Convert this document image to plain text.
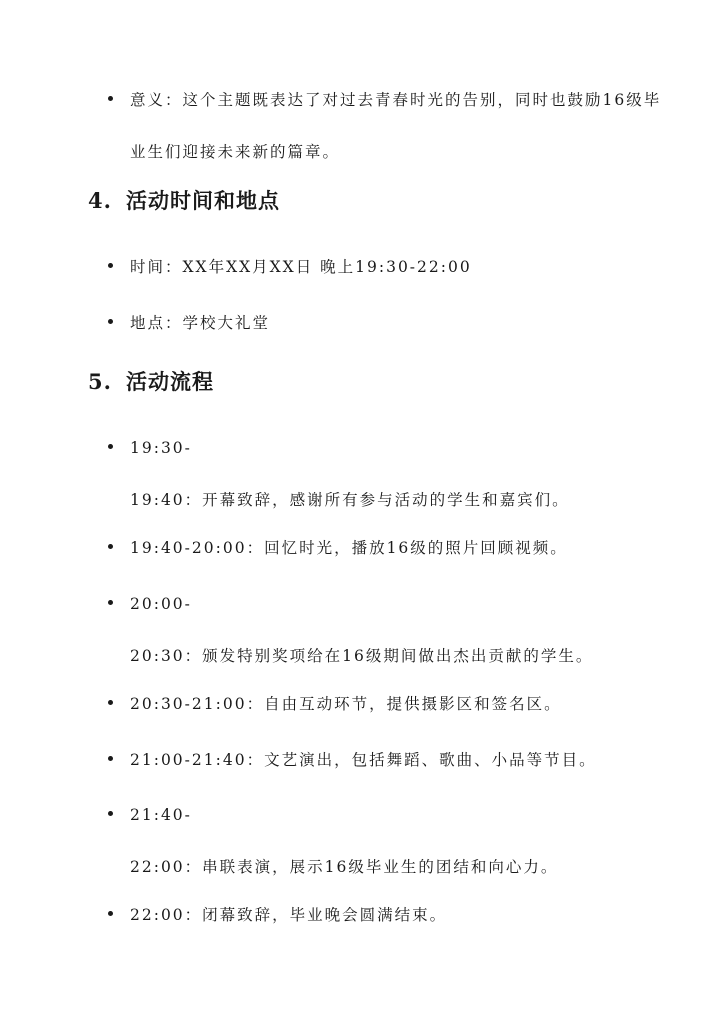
意义：这个主题既表达了对过去青春时光的告别，同时也鼓励16级毕业生们迎接未来新的篇章。
4. 活动时间和地点
时间：XX年XX月XX日 晚上19:30-22:00
地点：学校大礼堂
5. 活动流程
19:30-
19:40：开幕致辞，感谢所有参与活动的学生和嘉宾们。
19:40-20:00：回忆时光，播放16级的照片回顾视频。
20:00-
20:30：颁发特别奖项给在16级期间做出杰出贡献的学生。
20:30-21:00：自由互动环节，提供摄影区和签名区。
21:00-21:40：文艺演出，包括舞蹈、歌曲、小品等节目。
21:40-
22:00：串联表演，展示16级毕业生的团结和向心力。
22:00：闭幕致辞，毕业晚会圆满结束。
